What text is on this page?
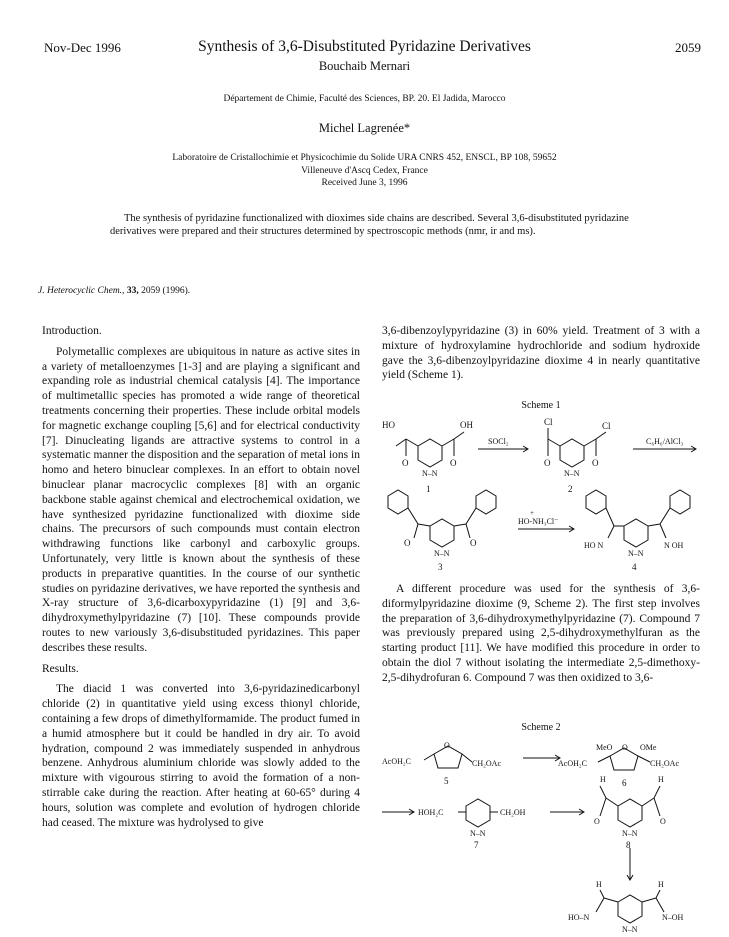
Nov-Dec 1996	Synthesis of 3,6-Disubstituted Pyridazine Derivatives	2059
Bouchaib Mernari
Département de Chimie, Faculté des Sciences, BP. 20. El Jadida, Marocco
Michel Lagrenée*
Laboratoire de Cristallochimie et Physicochimie du Solide URA CNRS 452, ENSCL, BP 108, 59652
Villeneuve d'Ascq Cedex, France
Received June 3, 1996
The synthesis of pyridazine functionalized with dioximes side chains are described. Several 3,6-disubstituted pyridazine derivatives were prepared and their structures determined by spectroscopic methods (nmr, ir and ms).
J. Heterocyclic Chem., 33, 2059 (1996).

Introduction.

Polymetallic complexes are ubiquitous in nature as active sites in a variety of metalloenzymes [1-3] and are playing a significant and expanding role as industrial chemical catalysis [4]. The importance of multimetallic species has promoted a wide range of theoretical treatments concerning their properties. These include orbital models for magnetic exchange coupling [5,6] and for electrical conductivity [7]. Dinucleating ligands are attractive systems to control in a systematic manner the disposition and the separation of metal ions in homo and hetero binuclear complexes. In an effort to obtain novel binuclear planar macrocyclic complexes [8] with an organic backbone stable against chemical and electrochemical oxidation, we have synthesized pyridazine functionalized with dioxime side chains. The precursors of such compounds must contain electron withdrawing functions like carbonyl and carboxylic groups. Unfortunately, very little is known about the synthesis of these products in preparative quantities. In the course of our synthetic studies on pyridazine derivatives, we have reported the synthesis and X-ray structure of 3,6-dicarboxypyridazine (1) [9] and 3,6-dihydroxymethylpyridazine (7) [10]. These compounds provide routes to new variously 3,6-disubstituded pyridazines. This paper describes these results.

Results.

The diacid 1 was converted into 3,6-pyridazinedicarbonyl chloride (2) in quantitative yield using excess thionyl chloride, containing a few drops of dimethylformamide. The product fumed in a humid atmosphere but it could be handled in dry air. To avoid hydration, compound 2 was immediately suspended in anhydrous benzene. Anhydrous aluminium chloride was slowly added to the mixture with vigourous stirring to avoid the formation of a non-stirrable cake during the reaction. After heating at 60-65° during 4 hours, solution was complete and evolution of hydrogen chloride had ceased. The mixture was hydrolysed to give

3,6-dibenzoylypyridazine (3) in 60% yield. Treatment of 3 with a mixture of hydroxylamine hydrochloride and sodium hydroxide gave the 3,6-dibenzoylpyridazine dioxime 4 in nearly quantitative yield (Scheme 1).

Scheme 1
HO	OH
O	O
N–N
1
SOCl₂
Cl	Cl
O	O
N–N
2
C₆H₆/AlCl₃
O	O
N–N
3
+
HO-NH₃Cl⁻
HO N	N OH
N–N
4

A different procedure was used for the synthesis of 3,6-diformylpyridazine dioxime (9, Scheme 2). The first step involves the preparation of 3,6-dihydroxymethylpyridazine (7). Compound 7 was previously prepared using 2,5-dihydroxymethylfuran as the starting product [11]. We have modified this procedure in order to obtain the diol 7 without isolating the intermediate 2,5-dimethoxy-2,5-dihydrofuran 6. Compound 7 was then oxidized to 3,6-

Scheme 2
AcOH₂C
O
CH₂OAc
5
MeO	OMe
O
AcOH₂C	CH₂OAc
6
HOH₂C	CH₂OH
N–N
7
H	H
O	O
N–N
8
H	H
HO–N	N–OH
N–N
